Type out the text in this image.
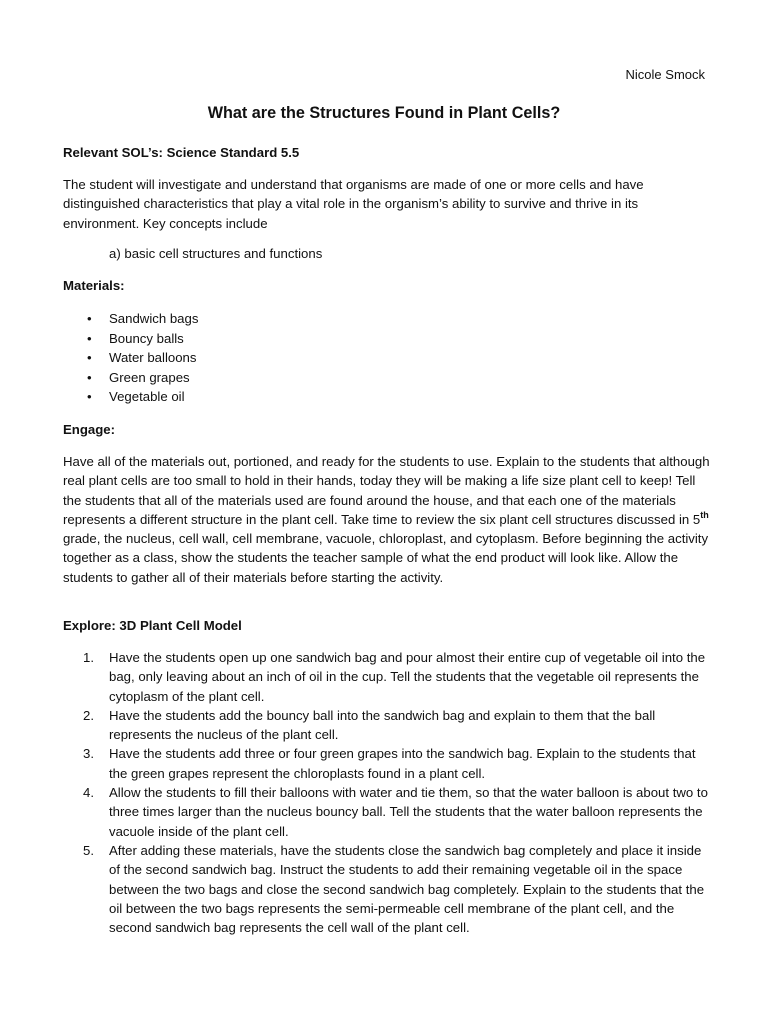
Nicole Smock
What are the Structures Found in Plant Cells?
Relevant SOL’s: Science Standard 5.5

The student will investigate and understand that organisms are made of one or more cells and have distinguished characteristics that play a vital role in the organism’s ability to survive and thrive in its environment. Key concepts include

a) basic cell structures and functions
Materials:
• Sandwich bags
• Bouncy balls
• Water balloons
• Green grapes
• Vegetable oil
Engage:

Have all of the materials out, portioned, and ready for the students to use. Explain to the students that although real plant cells are too small to hold in their hands, today they will be making a life size plant cell to keep! Tell the students that all of the materials used are found around the house, and that each one of the materials represents a different structure in the plant cell. Take time to review the six plant cell structures discussed in 5th grade, the nucleus, cell wall, cell membrane, vacuole, chloroplast, and cytoplasm. Before beginning the activity together as a class, show the students the teacher sample of what the end product will look like. Allow the students to gather all of their materials before starting the activity.

Explore: 3D Plant Cell Model
1. Have the students open up one sandwich bag and pour almost their entire cup of vegetable oil into the bag, only leaving about an inch of oil in the cup. Tell the students that the vegetable oil represents the cytoplasm of the plant cell.
2. Have the students add the bouncy ball into the sandwich bag and explain to them that the ball represents the nucleus of the plant cell.
3. Have the students add three or four green grapes into the sandwich bag. Explain to the students that the green grapes represent the chloroplasts found in a plant cell.
4. Allow the students to fill their balloons with water and tie them, so that the water balloon is about two to three times larger than the nucleus bouncy ball. Tell the students that the water balloon represents the vacuole inside of the plant cell.
5. After adding these materials, have the students close the sandwich bag completely and place it inside of the second sandwich bag. Instruct the students to add their remaining vegetable oil in the space between the two bags and close the second sandwich bag completely. Explain to the students that the oil between the two bags represents the semi-permeable cell membrane of the plant cell, and the second sandwich bag represents the cell wall of the plant cell.
